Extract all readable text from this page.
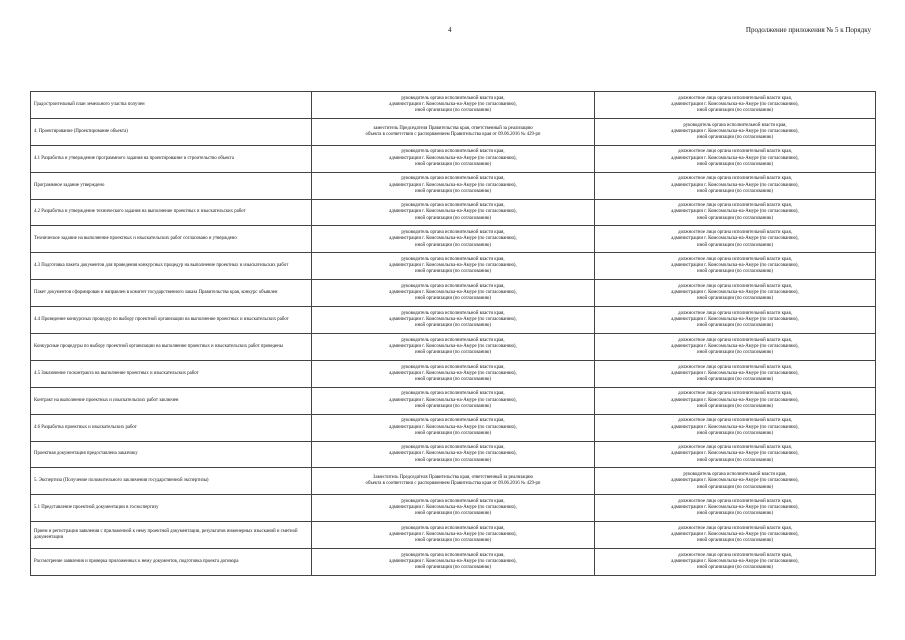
4	Продолжение приложения № 5 к Порядку
Градостроительный план земельного участка получен	руководитель органа исполнительной власти края,
администрации г. Комсомольска-на-Амуре (по согласованию),
иной организации (по согласованию)	должностное лицо органа исполнительной власти края,
администрации г. Комсомольска-на-Амуре (по согласованию),
иной организации (по согласованию)

4. Проектирование (Проектирование объекта)	заместитель Председателя Правительства края, ответственный за реализацию
объекта в соответствии с распоряжением Правительства края от 09.06.2016 № 429-рп	руководитель органа исполнительной власти края,
администрации г. Комсомольска-на-Амуре (по согласованию),
иной организации (по согласованию)

4.1 Разработка и утверждение программного задания на проектирование и строительство объекта	руководитель органа исполнительной власти края,
администрации г. Комсомольска-на-Амуре (по согласованию),
иной организации (по согласованию)	должностное лицо органа исполнительной власти края,
администрации г. Комсомольска-на-Амуре (по согласованию),
иной организации (по согласованию)

Программное задание утверждено	руководитель органа исполнительной власти края,
администрации г. Комсомольска-на-Амуре (по согласованию),
иной организации (по согласованию)	должностное лицо органа исполнительной власти края,
администрации г. Комсомольска-на-Амуре (по согласованию),
иной организации (по согласованию)

4.2 Разработка и утверждение технического задания на выполнение проектных и изыскательских работ	руководитель органа исполнительной власти края,
администрации г. Комсомольска-на-Амуре (по согласованию),
иной организации (по согласованию)	должностное лицо органа исполнительной власти края,
администрации г. Комсомольска-на-Амуре (по согласованию),
иной организации (по согласованию)

Техническое задание на выполнение проектных и изыскательских работ согласовано и утверждено	руководитель органа исполнительной власти края,
администрации г. Комсомольска-на-Амуре (по согласованию),
иной организации (по согласованию)	должностное лицо органа исполнительной власти края,
администрации г. Комсомольска-на-Амуре (по согласованию),
иной организации (по согласованию)

4.3 Подготовка пакета документов для проведения конкурсных процедур на выполнение проектных и изыскательских работ	руководитель органа исполнительной власти края,
администрации г. Комсомольска-на-Амуре (по согласованию),
иной организации (по согласованию)	должностное лицо органа исполнительной власти края,
администрации г. Комсомольска-на-Амуре (по согласованию),
иной организации (по согласованию)

Пакет документов сформирован и направлен в комитет государственного заказа Правительства края, конкурс объявлен	руководитель органа исполнительной власти края,
администрации г. Комсомольска-на-Амуре (по согласованию),
иной организации (по согласованию)	должностное лицо органа исполнительной власти края,
администрации г. Комсомольска-на-Амуре (по согласованию),
иной организации (по согласованию)

4.4 Проведение конкурсных процедур по выбору проектной организации на выполнение проектных и изыскательских работ	руководитель органа исполнительной власти края,
администрации г. Комсомольска-на-Амуре (по согласованию),
иной организации (по согласованию)	должностное лицо органа исполнительной власти края,
администрации г. Комсомольска-на-Амуре (по согласованию),
иной организации (по согласованию)

Конкурсные процедуры по выбору проектной организации на выполнение проектных и изыскательских работ проведены	руководитель органа исполнительной власти края,
администрации г. Комсомольска-на-Амуре (по согласованию),
иной организации (по согласованию)	должностное лицо органа исполнительной власти края,
администрации г. Комсомольска-на-Амуре (по согласованию),
иной организации (по согласованию)

4.5 Заключение госконтракта на выполнение проектных и изыскательских работ	руководитель органа исполнительной власти края,
администрации г. Комсомольска-на-Амуре (по согласованию),
иной организации (по согласованию)	должностное лицо органа исполнительной власти края,
администрации г. Комсомольска-на-Амуре (по согласованию),
иной организации (по согласованию)

Контракт на выполнение проектных и изыскательских работ заключен	руководитель органа исполнительной власти края,
администрации г. Комсомольска-на-Амуре (по согласованию),
иной организации (по согласованию)	должностное лицо органа исполнительной власти края,
администрации г. Комсомольска-на-Амуре (по согласованию),
иной организации (по согласованию)

4.6 Разработка проектных и изыскательских работ	руководитель органа исполнительной власти края,
администрации г. Комсомольска-на-Амуре (по согласованию),
иной организации (по согласованию)	должностное лицо органа исполнительной власти края,
администрации г. Комсомольска-на-Амуре (по согласованию),
иной организации (по согласованию)

Проектная документация предоставлена заказчику	руководитель органа исполнительной власти края,
администрации г. Комсомольска-на-Амуре (по согласованию),
иной организации (по согласованию)	должностное лицо органа исполнительной власти края,
администрации г. Комсомольска-на-Амуре (по согласованию),
иной организации (по согласованию)

5. Экспертиза (Получение положительного заключения государственной экспертизы)	Заместитель Председателя Правительства края, ответственный за реализацию
объекта в соответствии с распоряжением Правительства края от 09.06.2016 № 429-рп	руководитель органа исполнительной власти края,
администрации г. Комсомольска-на-Амуре (по согласованию),
иной организации (по согласованию)

5.1 Представление проектной документации в госэкспертизу	руководитель органа исполнительной власти края,
администрации г. Комсомольска-на-Амуре (по согласованию),
иной организации (по согласованию)	должностное лицо органа исполнительной власти края,
администрации г. Комсомольска-на-Амуре (по согласованию),
иной организации (по согласованию)

Прием и регистрация заявления с приложенной к нему проектной документации, результатов инженерных изысканий и сметной документации	руководитель органа исполнительной власти края,
администрации г. Комсомольска-на-Амуре (по согласованию),
иной организации (по согласованию)	должностное лицо органа исполнительной власти края,
администрации г. Комсомольска-на-Амуре (по согласованию),
иной организации (по согласованию)

Рассмотрение заявления и проверка приложенных к нему документов, подготовка проекта договора	руководитель органа исполнительной власти края,
администрации г. Комсомольска-на-Амуре (по согласованию),
иной организации (по согласованию)	должностное лицо органа исполнительной власти края,
администрации г. Комсомольска-на-Амуре (по согласованию),
иной организации (по согласованию)
